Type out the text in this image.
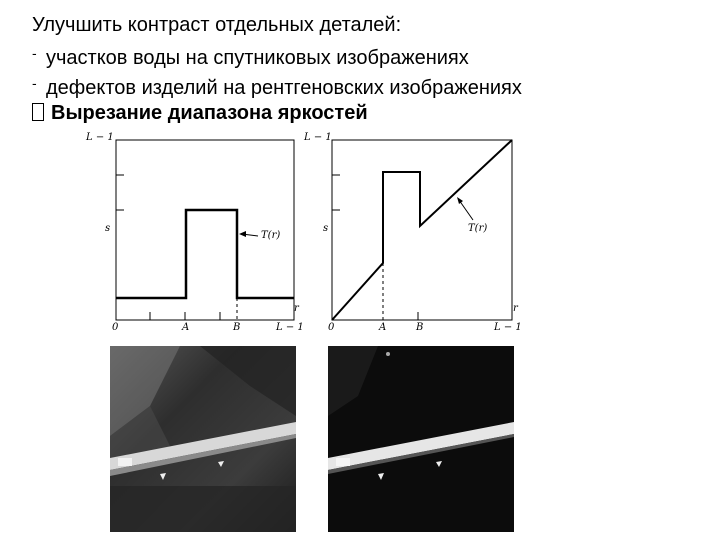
Улучшить контраст отдельных деталей:
- участков воды на спутниковых изображениях
- дефектов изделий на рентгеновских изображениях
Вырезание диапазона яркостей
T(r)
L − 1
s
r
0	A	B	L − 1
T(r)
L − 1
s
r
0	A	B	L − 1
